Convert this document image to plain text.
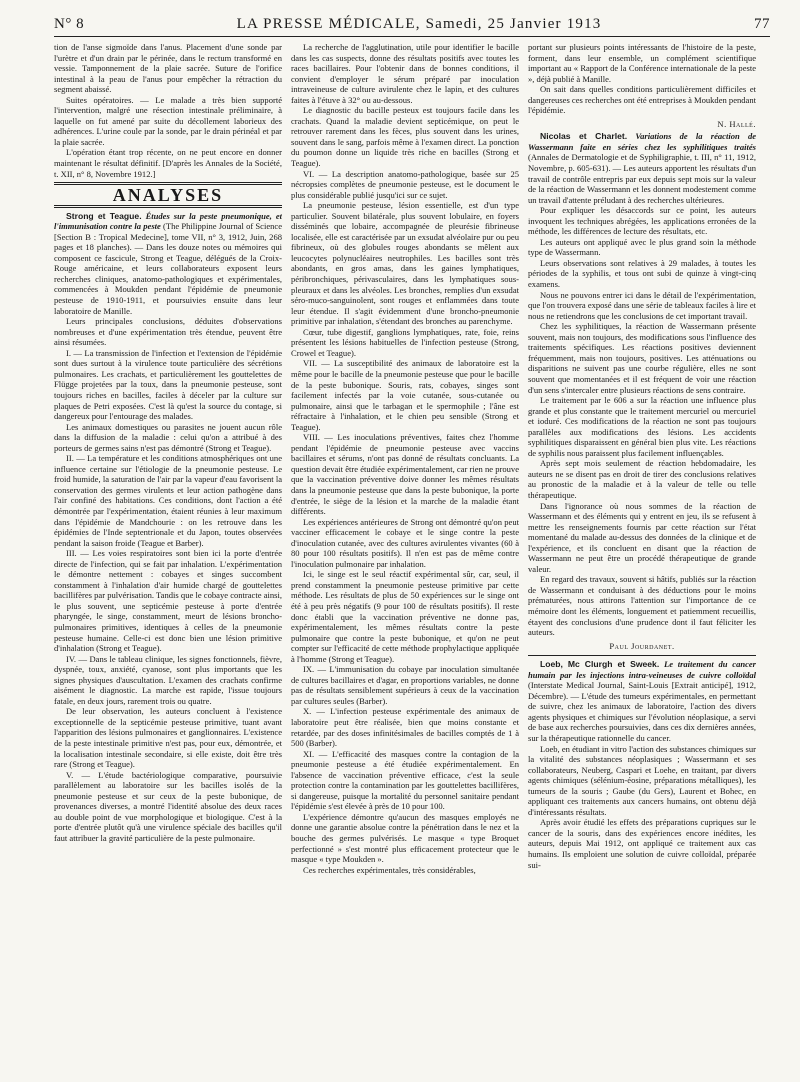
N° 8	LA PRESSE MÉDICALE, Samedi, 25 Janvier 1913	77

tion de l'anse sigmoïde dans l'anus. Placement d'une sonde par l'urètre et d'un drain par le périnée, dans le rectum transformé en vessie. Tamponnement de la plaie sacrée. Suture de l'orifice intestinal à la peau de l'anus pour empêcher la rétraction du segment abaissé.

Suites opératoires. — Le malade a très bien supporté l'intervention, malgré une résection intestinale préliminaire, à laquelle on fut amené par suite du décollement laborieux des adhérences. L'urine coule par la sonde, par le drain périnéal et par la plaie sacrée.

L'opération étant trop récente, on ne peut encore en donner maintenant le résultat définitif. [D'après les Annales de la Société, t. XII, n° 8, Novembre 1912.]

ANALYSES

Strong et Teague. Études sur la peste pneumonique, et l'immunisation contre la peste (The Philippine Journal of Science [Section B : Tropical Medecine], tome VII, n° 3, 1912, Juin, 268 pages et 18 planches). — Dans les douze notes ou mémoires qui composent ce fascicule, Strong et Teague, délégués de la Croix-Rouge américaine, et leurs collaborateurs exposent leurs recherches cliniques, anatomo-pathologiques et expérimentales, commencées à Moukden pendant l'épidémie de pneumonie pesteuse de 1910-1911, et poursuivies ensuite dans leur laboratoire de Manille.

Leurs principales conclusions, déduites d'observations nombreuses et d'une expérimentation très étendue, peuvent être ainsi résumées.

I. — La transmission de l'infection et l'extension de l'épidémie sont dues surtout à la virulence toute particulière des sécrétions pulmonaires. Les crachats, et particulièrement les gouttelettes de Flügge projetées par la toux, dans la pneumonie pesteuse, sont toujours riches en bacilles, faciles à déceler par la culture sur plaques de Petri exposées. C'est là qu'est la source du contage, si dangereux pour l'entourage des malades.

Les animaux domestiques ou parasites ne jouent aucun rôle dans la diffusion de la maladie : celui qu'on a attribué à des porteurs de germes sains n'est pas démontré (Strong et Teague).

II. — La température et les conditions atmosphériques ont une influence certaine sur l'étiologie de la pneumonie pesteuse. Le froid humide, la saturation de l'air par la vapeur d'eau favorisent la conservation des germes virulents et leur action pathogène dans l'air confiné des habitations. Ces conditions, dont l'action a été démontrée par l'expérimentation, étaient réunies à leur maximum dans l'épidémie de Mandchourie : on les retrouve dans les épidémies de l'Inde septentrionale et du Japon, toutes observées pendant la saison froide (Teague et Barber).

III. — Les voies respiratoires sont bien ici la porte d'entrée directe de l'infection, qui se fait par inhalation. L'expérimentation le démontre nettement : cobayes et singes succombent constamment à l'inhalation d'air humide chargé de gouttelettes bacillifères par pulvérisation. Tandis que le cobaye contracte ainsi, le plus souvent, une septicémie pesteuse à porte d'entrée pharyngée, le singe, constamment, meurt de lésions broncho-pulmonaires primitives, identiques à celles de la pneumonie pesteuse humaine. Celle-ci est donc bien une lésion primitive d'inhalation (Strong et Teague).

IV. — Dans le tableau clinique, les signes fonctionnels, fièvre, dyspnée, toux, anxiété, cyanose, sont plus importants que les signes physiques d'auscultation. L'examen des crachats confirme aisément le diagnostic. La marche est rapide, l'issue toujours fatale, en deux jours, rarement trois ou quatre.

De leur observation, les auteurs concluent à l'existence exceptionnelle de la septicémie pesteuse primitive, tuant avant l'apparition des lésions pulmonaires et ganglionnaires. L'existence de la peste intestinale primitive n'est pas, pour eux, démontrée, et la localisation intestinale secondaire, si elle existe, doit être très rare (Strong et Teague).

V. — L'étude bactériologique comparative, poursuivie parallèlement au laboratoire sur les bacilles isolés de la pneumonie pesteuse et sur ceux de la peste bubonique, de provenances diverses, a montré l'identité absolue des deux races au double point de vue morphologique et biologique. C'est à la porte d'entrée plutôt qu'à une virulence spéciale des bacilles qu'il faut attribuer la gravité particulière de la peste pulmonaire.

La recherche de l'agglutination, utile pour identifier le bacille dans les cas suspects, donne des résultats positifs avec toutes les races bacillaires. Pour l'obtenir dans de bonnes conditions, il convient d'employer le sérum préparé par inoculation intraveineuse de culture avirulente chez le lapin, et des cultures faites à l'étuve à 32° ou au-dessous.

Le diagnostic du bacille pesteux est toujours facile dans les crachats. Quand la maladie devient septicémique, on peut le retrouver rarement dans les fèces, plus souvent dans les urines, souvent dans le sang, parfois même à l'examen direct. La ponction du poumon donne un liquide très riche en bacilles (Strong et Teague).

VI. — La description anatomo-pathologique, basée sur 25 nécropsies complètes de pneumonie pesteuse, est le document le plus considérable publié jusqu'ici sur ce sujet.

La pneumonie pesteuse, lésion essentielle, est d'un type particulier. Souvent bilatérale, plus souvent lobulaire, en foyers disséminés que lobaire, accompagnée de pleurésie fibrineuse localisée, elle est caractérisée par un exsudat alvéolaire pur ou peu fibrineux, où des globules rouges abondants se mêlent aux leucocytes polynucléaires neutrophiles. Les bacilles sont très abondants, en gros amas, dans les gaines lymphatiques, péribronchiques, périvasculaires, dans les lymphatiques sous-pleuraux et dans les alvéoles. Les bronches, remplies d'un exsudat séro-muco-sanguinolent, sont rouges et enflammées dans toute leur étendue. Il s'agit évidemment d'une broncho-pneumonie primitive par inhalation, s'étendant des bronches au parenchyme.

Cœur, tube digestif, ganglions lymphatiques, rate, foie, reins présentent les lésions habituelles de l'infection pesteuse (Strong, Crowel et Teague).

VII. — La susceptibilité des animaux de laboratoire est la même pour le bacille de la pneumonie pesteuse que pour le bacille de la peste bubonique. Souris, rats, cobayes, singes sont facilement infectés par la voie cutanée, sous-cutanée ou pulmonaire, ainsi que le tarbagan et le spermophile ; l'âne est réfractaire à l'inhalation, et le chien peu sensible (Strong et Teague).

VIII. — Les inoculations préventives, faites chez l'homme pendant l'épidémie de pneumonie pesteuse avec vaccins bacillaires et sérums, n'ont pas donné de résultats concluants. La question devait être étudiée expérimentalement, car rien ne prouve que la vaccination préventive doive donner les mêmes résultats dans la pneumonie pesteuse que dans la peste bubonique, la porte d'entrée, le siège de la lésion et la marche de la maladie étant différents.

Les expériences antérieures de Strong ont démontré qu'on peut vacciner efficacement le cobaye et le singe contre la peste d'inoculation cutanée, avec des cultures avirulentes vivantes (60 à 80 pour 100 résultats positifs). Il n'en est pas de même contre l'inoculation pulmonaire par inhalation.

Ici, le singe est le seul réactif expérimental sûr, car, seul, il prend constamment la pneumonie pesteuse primitive par cette méthode. Les résultats de plus de 50 expériences sur le singe ont été à peu près négatifs (9 pour 100 de résultats positifs). Il reste donc établi que la vaccination préventive ne donne pas, expérimentalement, les mêmes résultats contre la peste pulmonaire que contre la peste bubonique, et qu'on ne peut compter sur l'efficacité de cette méthode prophylactique appliquée à l'homme (Strong et Teague).

IX. — L'immunisation du cobaye par inoculation simultanée de cultures bacillaires et d'agar, en proportions variables, ne donne pas de résultats sensiblement supérieurs à ceux de la vaccination par cultures seules (Barber).

X. — L'infection pesteuse expérimentale des animaux de laboratoire peut être réalisée, bien que moins constante et retardée, par des doses infinitésimales de bacilles comptés de 1 à 500 (Barber).

XI. — L'efficacité des masques contre la contagion de la pneumonie pesteuse a été étudiée expérimentalement. En l'absence de vaccination préventive efficace, c'est la seule protection contre la contamination par les gouttelettes bacillifères, si dangereuse, puisque la mortalité du personnel sanitaire pendant l'épidémie s'est élevée à près de 10 pour 100.

L'expérience démontre qu'aucun des masques employés ne donne une garantie absolue contre la pénétration dans le nez et la bouche des germes pulvérisés. Le masque « type Broquet perfectionné » s'est montré plus efficacement protecteur que le masque « type Moukden ».

Ces recherches expérimentales, très considérables,

portant sur plusieurs points intéressants de l'histoire de la peste, forment, dans leur ensemble, un complément scientifique important au « Rapport de la Conférence internationale de la peste », déjà publié à Manille.

On sait dans quelles conditions particulièrement difficiles et dangereuses ces recherches ont été entreprises à Moukden pendant l'épidémie.

N. Hallé.

Nicolas et Charlet. Variations de la réaction de Wassermann faite en séries chez les syphilitiques traités (Annales de Dermatologie et de Syphiligraphie, t. III, n° 11, 1912, Novembre, p. 605-631). — Les auteurs apportent les résultats d'un travail de contrôle entrepris par eux depuis sept mois sur la valeur de la réaction de Wassermann et les donnent modestement comme un travail d'attente préludant à des recherches ultérieures.

Pour expliquer les désaccords sur ce point, les auteurs invoquent les techniques abrégées, les applications erronées de la méthode, les différences de lecture des résultats, etc.

Les auteurs ont appliqué avec le plus grand soin la méthode type de Wassermann.

Leurs observations sont relatives à 29 malades, à toutes les périodes de la syphilis, et tous ont subi de quinze à vingt-cinq examens.

Nous ne pouvons entrer ici dans le détail de l'expérimentation, que l'on trouvera exposé dans une série de tableaux faciles à lire et nous ne retiendrons que les conclusions de cet important travail.

Chez les syphilitiques, la réaction de Wassermann présente souvent, mais non toujours, des modifications sous l'influence des traitements spécifiques. Les réactions positives deviennent fréquemment, mais non toujours, positives. Les atténuations ou disparitions ne suivent pas une courbe régulière, elles ne sont souvent que momentanées et il est fréquent de voir une réaction d'un sens s'intercaler entre plusieurs réactions de sens contraire.

Le traitement par le 606 a sur la réaction une influence plus grande et plus constante que le traitement mercuriel ou mercuriel et ioduré. Ces modifications de la réaction ne sont pas toujours parallèles aux modifications des lésions. Les accidents syphilitiques disparaissent en général bien plus vite. Les réactions de syphilis nous paraissent plus facilement influençables.

Après sept mois seulement de réaction hebdomadaire, les auteurs ne se disent pas en droit de tirer des conclusions relatives au pronostic de la maladie et à la valeur de telle ou telle thérapeutique.

Dans l'ignorance où nous sommes de la réaction de Wassermann et des éléments qui y entrent en jeu, ils se refusent à mettre les renseignements fournis par cette réaction sur l'état momentané du malade au-dessus des données de la clinique et de l'expérience, et ils concluent en disant que la réaction de Wassermann ne peut être un procédé thérapeutique de grande valeur.

En regard des travaux, souvent si hâtifs, publiés sur la réaction de Wassermann et conduisant à des déductions pour le moins prématurées, nous attirons l'attention sur l'importance de ce mémoire dont les éléments, longuement et patiemment recueillis, étayent des conclusions d'une prudence dont il faut féliciter les auteurs.

Paul Jourdanet.

Loeb, Mc Clurgh et Sweek. Le traitement du cancer humain par les injections intra-veineuses de cuivre colloïdal (Interstate Medical Journal, Saint-Louis [Extrait anticipé], 1912, Décembre). — L'étude des tumeurs expérimentales, en permettant de suivre, chez les animaux de laboratoire, l'action des divers agents physiques et chimiques sur l'évolution néoplasique, a servi de base aux recherches poursuivies, dans ces dix dernières années, sur la thérapeutique rationnelle du cancer.

Loeb, en étudiant in vitro l'action des substances chimiques sur la vitalité des substances néoplasiques ; Wassermann et ses collaborateurs, Neuberg, Caspari et Loehe, en traitant, par divers agents chimiques (sélénium-éosine, préparations métalliques), les tumeurs de la souris ; Gaube (du Gers), Laurent et Bohec, en appliquant ces traitements aux cancers humains, ont obtenu déjà d'intéressants résultats.

Après avoir étudié les effets des préparations cupriques sur le cancer de la souris, dans des expériences encore inédites, les auteurs, depuis Mai 1912, ont appliqué ce traitement aux cas humains. Ils emploient une solution de cuivre colloïdal, préparée sui-
